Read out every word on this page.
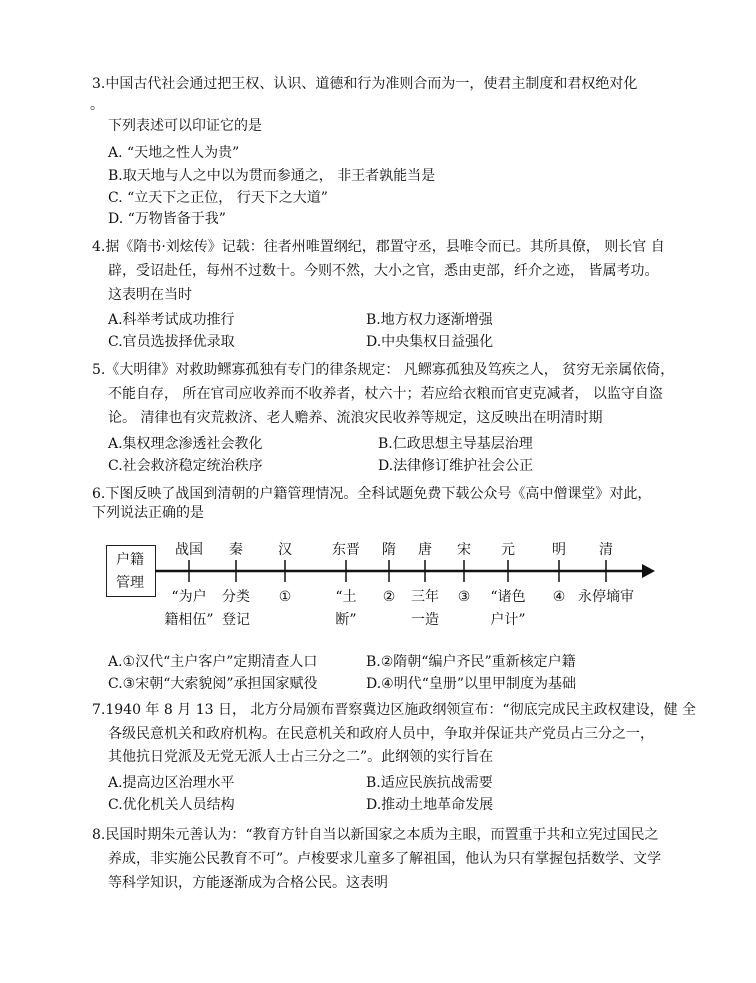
3.中国古代社会通过把王权、认识、道德和行为准则合而为一，使君主制度和君权绝对化
。
下列表述可以印证它的是
A. “天地之性人为贵”
B.取天地与人之中以为贯而参通之， 非王者孰能当是
C. “立天下之正位， 行天下之大道”
D. “万物皆备于我”
4.据《隋书·刘炫传》记载：往者州唯置纲纪，郡置守丞，县唯令而已。其所具僚， 则长官 自
辟，受诏赴任，每州不过数十。今则不然，大小之官，悉由吏部，纤介之迹， 皆属考功。
这表明在当时
A.科举考试成功推行	B.地方权力逐渐增强
C.官员选拔择优录取	D.中央集权日益强化
5.《大明律》对救助鳏寡孤独有专门的律条规定： 凡鳏寡孤独及笃疾之人， 贫穷无亲属依倚，
不能自存， 所在官司应收养而不收养者，杖六十；若应给衣粮而官吏克减者， 以监守自盗
论。 清律也有灾荒救济、老人赡养、流浪灾民收养等规定，这反映出在明清时期
A.集权理念渗透社会教化	B.仁政思想主导基层治理
C.社会救济稳定统治秩序	D.法律修订维护社会公正
6.下图反映了战国到清朝的户籍管理情况。全科试题免费下载公众号《高中僧课堂》对此，
下列说法正确的是
户籍
管理
战国	秦	汉	东晋	隋	唐	宋	元	明	清
“为户
籍相伍”
分类
登记
①	“土
断”
②	三年
一造
③	“诸色
户计”
④ 永停墒审
A.①汉代“主户客户”定期清查人口	B.②隋朝“编户齐民”重新核定户籍
C.③宋朝“大索貌阅”承担国家赋役	D.④明代“皇册”以里甲制度为基础
7.1940 年 8 月 13 日， 北方分局颁布晋察冀边区施政纲领宣布：“彻底完成民主政权建设，健 全
各级民意机关和政府机构。在民意机关和政府人员中，争取并保证共产党员占三分之一，
其他抗日党派及无党无派人士占三分之二”。此纲领的实行旨在
A.提高边区治理水平	B.适应民族抗战需要
C.优化机关人员结构	D.推动土地革命发展
8.民国时期朱元善认为：“教育方针自当以新国家之本质为主眼，而置重于共和立宪过国民之
养成，非实施公民教育不可”。卢梭要求儿童多了解祖国，他认为只有掌握包括数学、文学
等科学知识，方能逐渐成为合格公民。这表明
